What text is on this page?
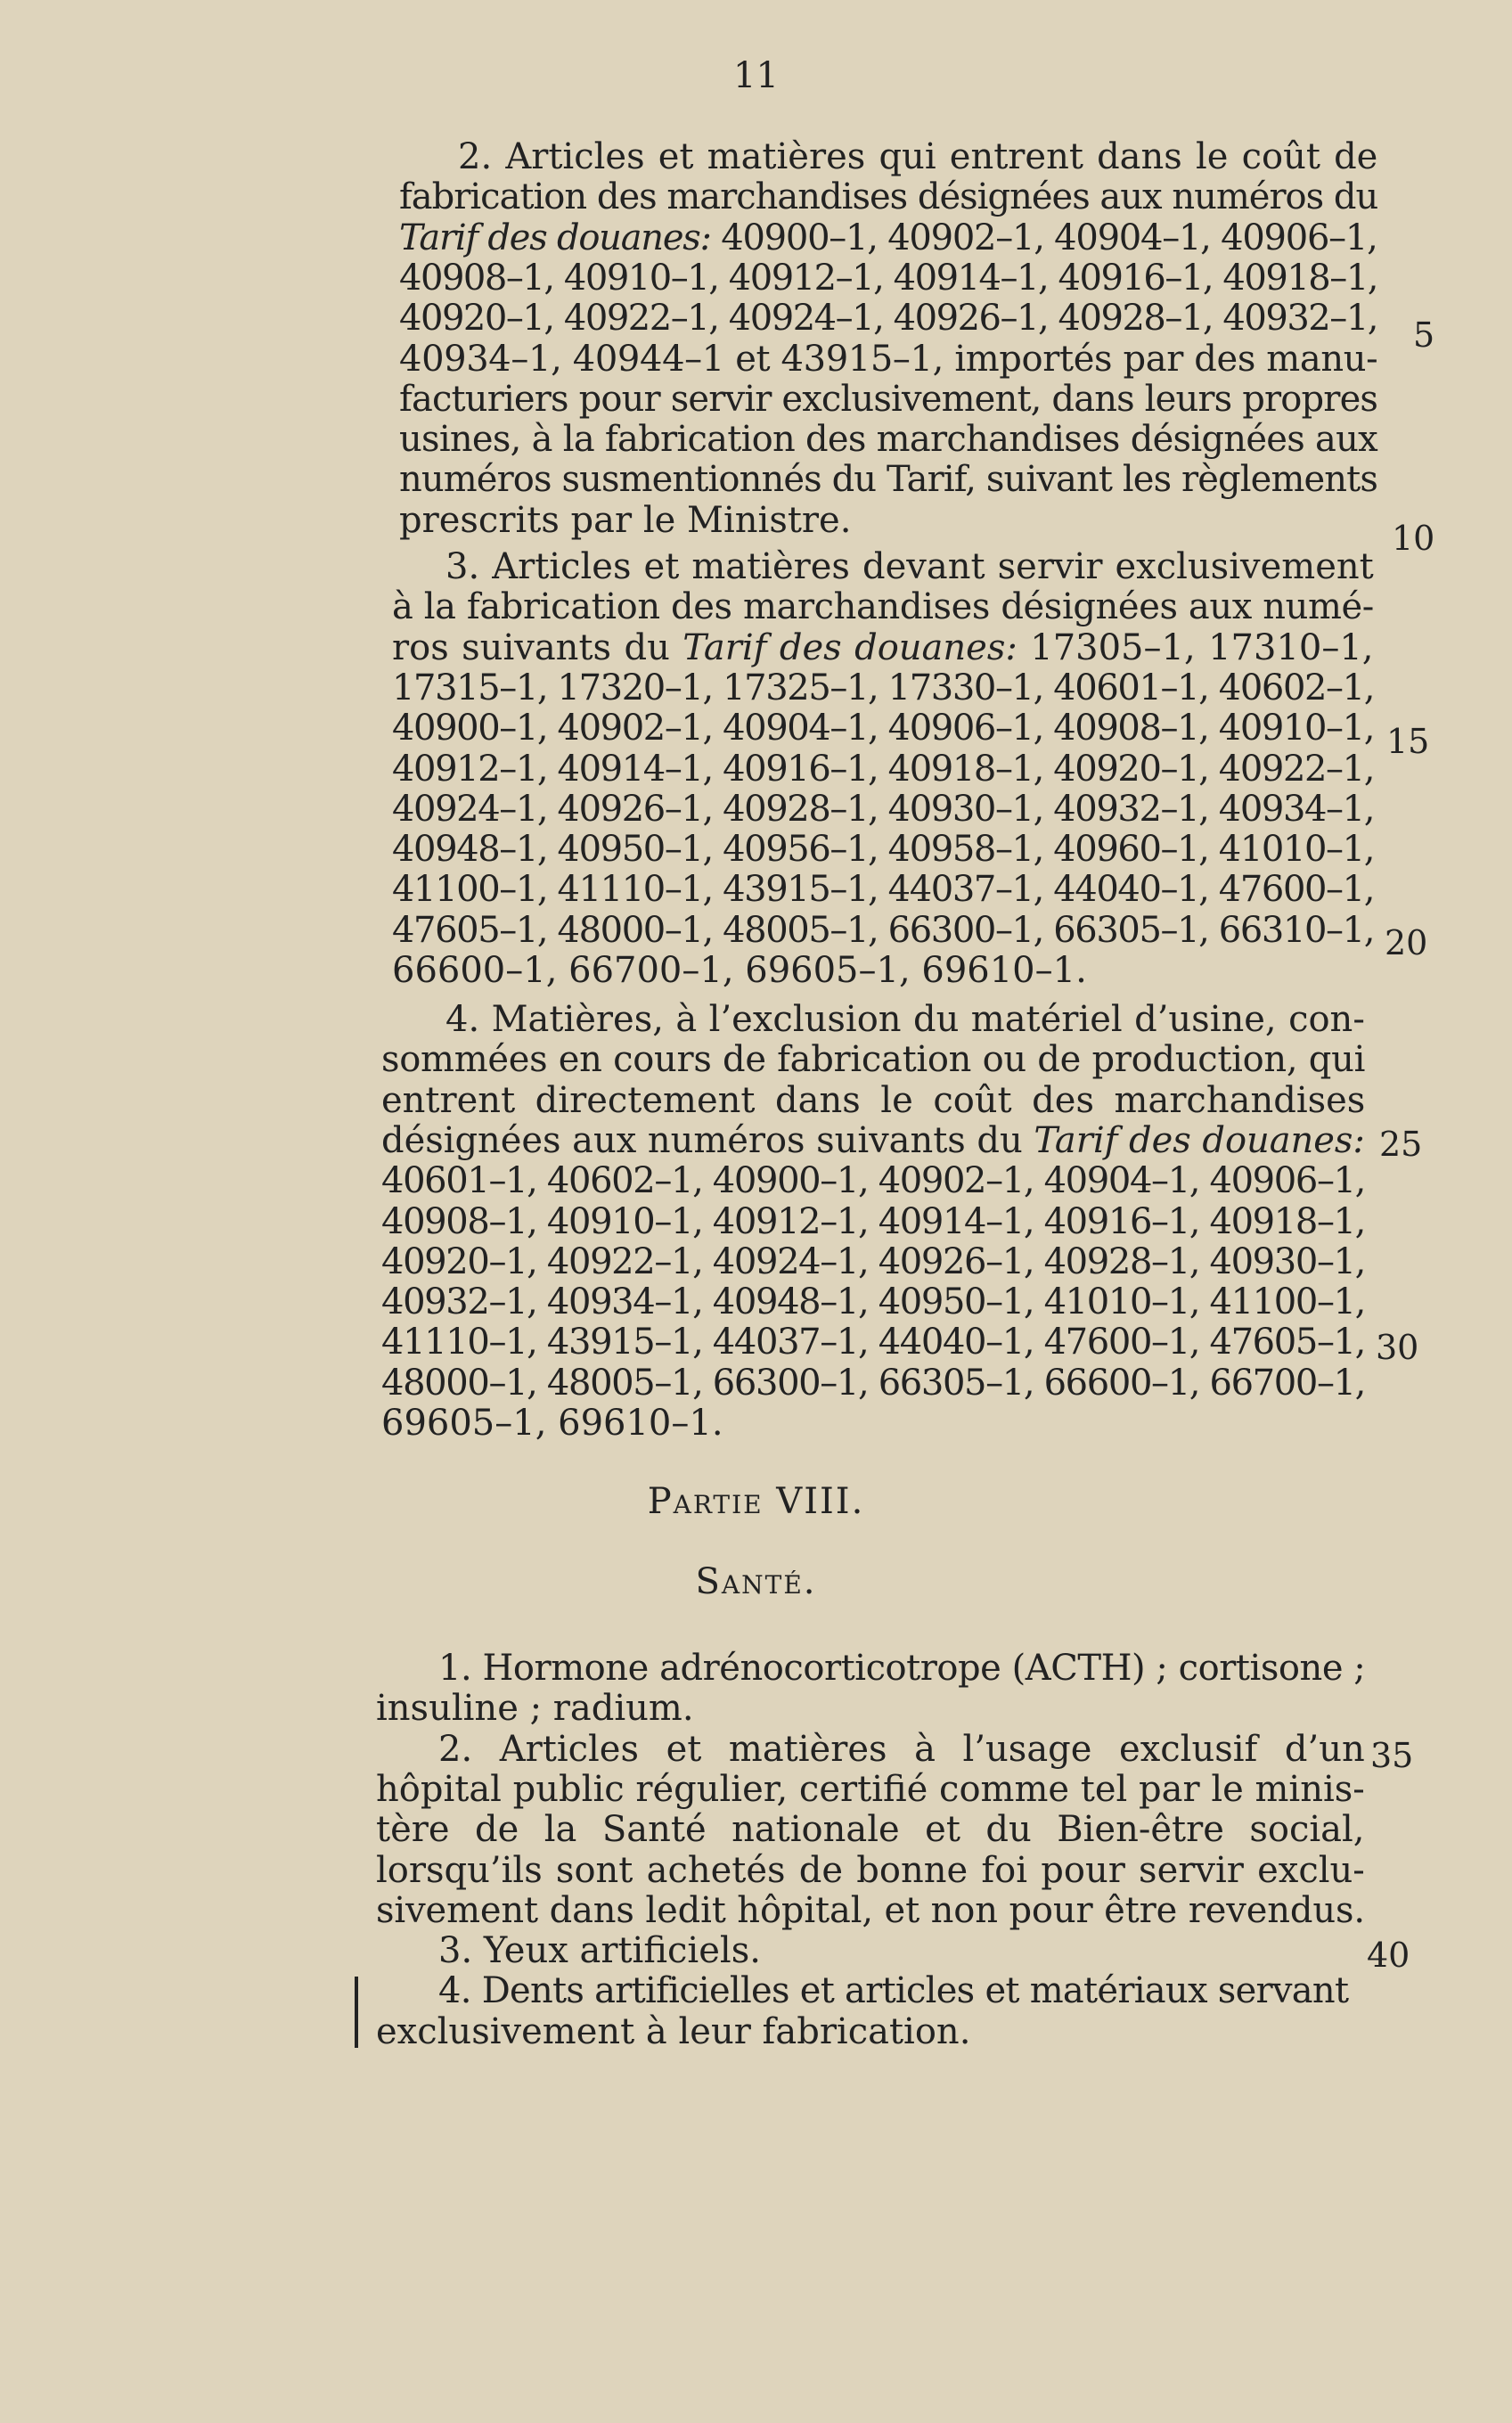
11
2. Articles et matières qui entrent dans le coût de
fabrication des marchandises désignées aux numéros du
Tarif des douanes: 40900–1, 40902–1, 40904–1, 40906–1,
40908–1, 40910–1, 40912–1, 40914–1, 40916–1, 40918–1,
40920–1, 40922–1, 40924–1, 40926–1, 40928–1, 40932–1,
40934–1, 40944–1 et 43915–1, importés par des manu-
facturiers pour servir exclusivement, dans leurs propres
usines, à la fabrication des marchandises désignées aux
numéros susmentionnés du Tarif, suivant les règlements
prescrits par le Ministre.
3. Articles et matières devant servir exclusivement
à la fabrication des marchandises désignées aux numé-
ros suivants du Tarif des douanes: 17305–1, 17310–1,
17315–1, 17320–1, 17325–1, 17330–1, 40601–1, 40602–1,
40900–1, 40902–1, 40904–1, 40906–1, 40908–1, 40910–1,
40912–1, 40914–1, 40916–1, 40918–1, 40920–1, 40922–1,
40924–1, 40926–1, 40928–1, 40930–1, 40932–1, 40934–1,
40948–1, 40950–1, 40956–1, 40958–1, 40960–1, 41010–1,
41100–1, 41110–1, 43915–1, 44037–1, 44040–1, 47600–1,
47605–1, 48000–1, 48005–1, 66300–1, 66305–1, 66310–1,
66600–1, 66700–1, 69605–1, 69610–1.
4. Matières, à l’exclusion du matériel d’usine, con-
sommées en cours de fabrication ou de production, qui
entrent directement dans le coût des marchandises
désignées aux numéros suivants du Tarif des douanes:
40601–1, 40602–1, 40900–1, 40902–1, 40904–1, 40906–1,
40908–1, 40910–1, 40912–1, 40914–1, 40916–1, 40918–1,
40920–1, 40922–1, 40924–1, 40926–1, 40928–1, 40930–1,
40932–1, 40934–1, 40948–1, 40950–1, 41010–1, 41100–1,
41110–1, 43915–1, 44037–1, 44040–1, 47600–1, 47605–1,
48000–1, 48005–1, 66300–1, 66305–1, 66600–1, 66700–1,
69605–1, 69610–1.
Partie VIII.
Santé.
1. Hormone adrénocorticotrope (ACTH) ; cortisone ;
insuline ; radium.
2. Articles et matières à l’usage exclusif d’un
hôpital public régulier, certifié comme tel par le minis-
tère de la Santé nationale et du Bien-être social,
lorsqu’ils sont achetés de bonne foi pour servir exclu-
sivement dans ledit hôpital, et non pour être revendus.
3. Yeux artificiels.
4. Dents artificielles et articles et matériaux servant
exclusivement à leur fabrication.
5
10
15
20
25
30
35
40
